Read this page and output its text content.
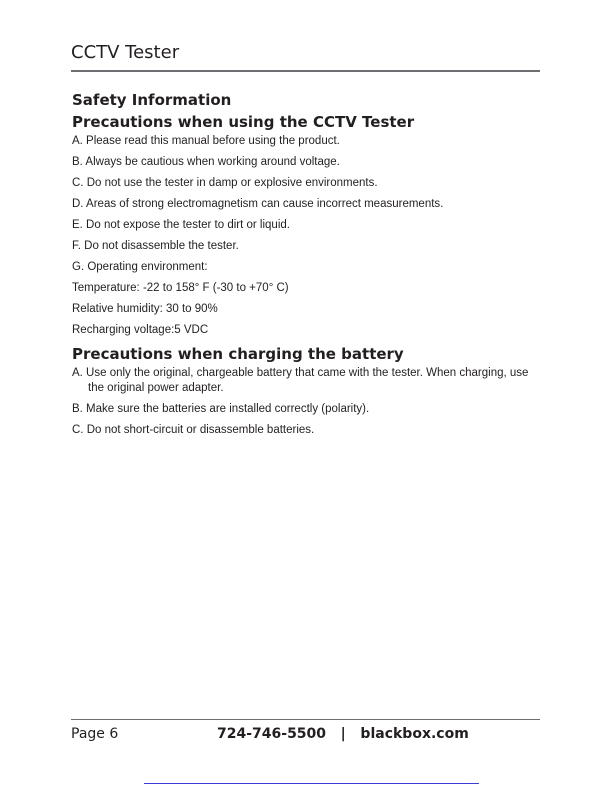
CCTV Tester
Safety Information
Precautions when using the CCTV Tester

A. Please read this manual before using the product.

B. Always be cautious when working around voltage.

C. Do not use the tester in damp or explosive environments.

D. Areas of strong electromagnetism can cause incorrect measurements.

E. Do not expose the tester to dirt or liquid.

F. Do not disassemble the tester.

G. Operating environment:

Temperature: -22 to 158° F (-30 to +70° C)

Relative humidity: 30 to 90%

Recharging voltage:5 VDC

Precautions when charging the battery

A. Use only the original, chargeable battery that came with the tester. When charging, use the original power adapter.

B. Make sure the batteries are installed correctly (polarity).

C. Do not short-circuit or disassemble batteries.

Page 6	724-746-5500 | blackbox.com
